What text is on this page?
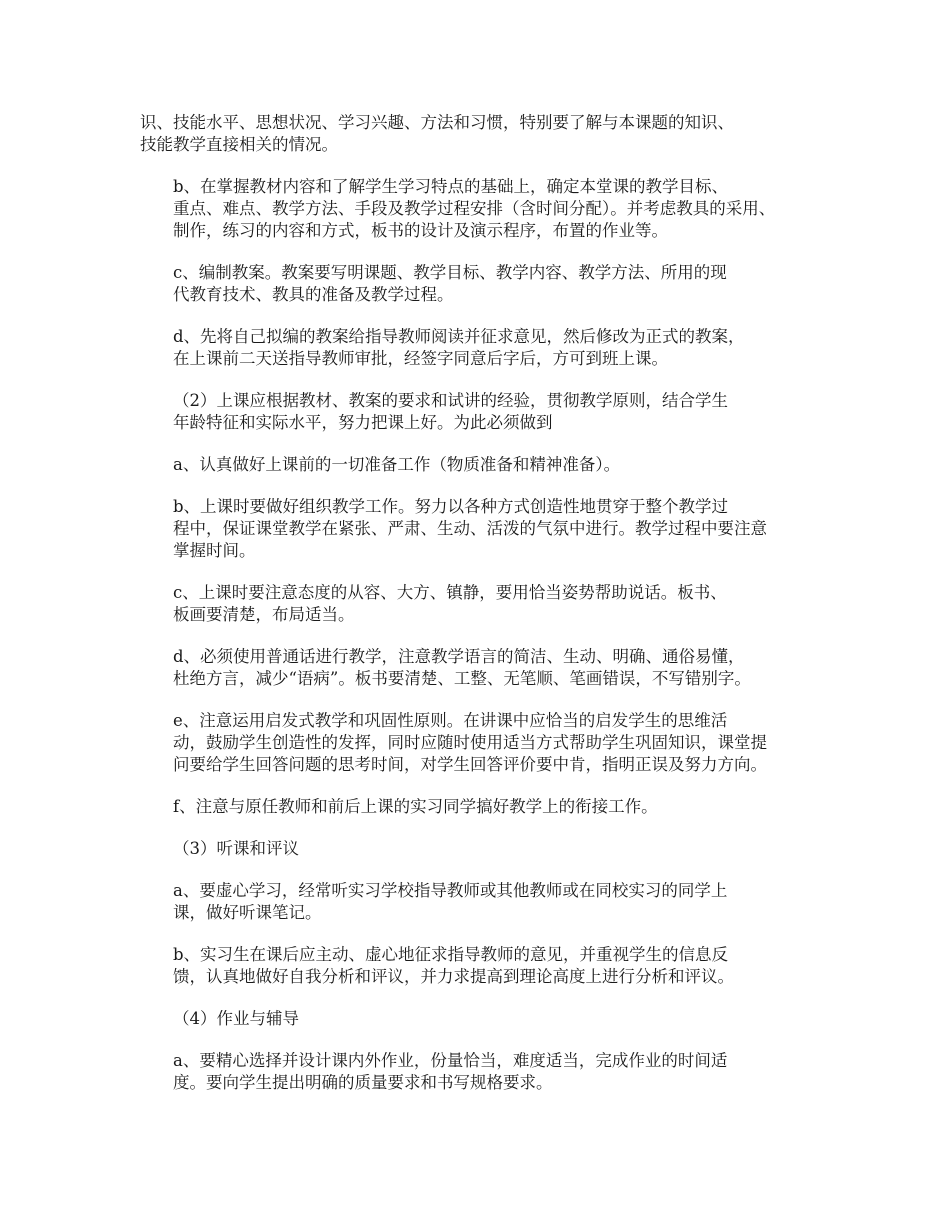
识、技能水平、思想状况、学习兴趣、方法和习惯，特别要了解与本课题的知识、
技能教学直接相关的情况。

b、在掌握教材内容和了解学生学习特点的基础上，确定本堂课的教学目标、
重点、难点、教学方法、手段及教学过程安排（含时间分配）。并考虑教具的采用、
制作，练习的内容和方式，板书的设计及演示程序，布置的作业等。

c、编制教案。教案要写明课题、教学目标、教学内容、教学方法、所用的现
代教育技术、教具的准备及教学过程。

d、先将自己拟编的教案给指导教师阅读并征求意见，然后修改为正式的教案，
在上课前二天送指导教师审批，经签字同意后字后，方可到班上课。

（2）上课应根据教材、教案的要求和试讲的经验，贯彻教学原则，结合学生
年龄特征和实际水平，努力把课上好。为此必须做到

a、认真做好上课前的一切准备工作（物质准备和精神准备）。

b、上课时要做好组织教学工作。努力以各种方式创造性地贯穿于整个教学过
程中，保证课堂教学在紧张、严肃、生动、活泼的气氛中进行。教学过程中要注意
掌握时间。

c、上课时要注意态度的从容、大方、镇静，要用恰当姿势帮助说话。板书、
板画要清楚，布局适当。

d、必须使用普通话进行教学，注意教学语言的简洁、生动、明确、通俗易懂，
杜绝方言，减少“语病”。板书要清楚、工整、无笔顺、笔画错误，不写错别字。

e、注意运用启发式教学和巩固性原则。在讲课中应恰当的启发学生的思维活
动，鼓励学生创造性的发挥，同时应随时使用适当方式帮助学生巩固知识，课堂提
问要给学生回答问题的思考时间，对学生回答评价要中肯，指明正误及努力方向。

f、注意与原任教师和前后上课的实习同学搞好教学上的衔接工作。

（3）听课和评议

a、要虚心学习，经常听实习学校指导教师或其他教师或在同校实习的同学上
课，做好听课笔记。

b、实习生在课后应主动、虚心地征求指导教师的意见，并重视学生的信息反
馈，认真地做好自我分析和评议，并力求提高到理论高度上进行分析和评议。

（4）作业与辅导

a、要精心选择并设计课内外作业，份量恰当，难度适当，完成作业的时间适
度。要向学生提出明确的质量要求和书写规格要求。
